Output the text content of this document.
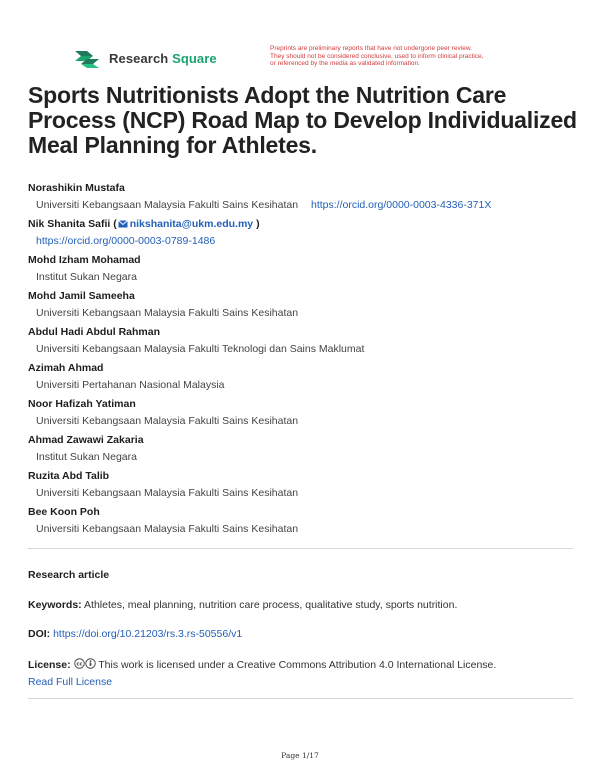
Research Square
Preprints are preliminary reports that have not undergone peer review.
They should not be considered conclusive, used to inform clinical practice,
or referenced by the media as validated information.
Sports Nutritionists Adopt the Nutrition Care Process (NCP) Road Map to Develop Individualized Meal Planning for Athletes.
Norashikin Mustafa
Universiti Kebangsaan Malaysia Fakulti Sains Kesihatan https://orcid.org/0000-0003-4336-371X
Nik Shanita Safii ( nikshanita@ukm.edu.my )
https://orcid.org/0000-0003-0789-1486
Mohd Izham Mohamad
Institut Sukan Negara
Mohd Jamil Sameeha
Universiti Kebangsaan Malaysia Fakulti Sains Kesihatan
Abdul Hadi Abdul Rahman
Universiti Kebangsaan Malaysia Fakulti Teknologi dan Sains Maklumat
Azimah Ahmad
Universiti Pertahanan Nasional Malaysia
Noor Hafizah Yatiman
Universiti Kebangsaan Malaysia Fakulti Sains Kesihatan
Ahmad Zawawi Zakaria
Institut Sukan Negara
Ruzita Abd Talib
Universiti Kebangsaan Malaysia Fakulti Sains Kesihatan
Bee Koon Poh
Universiti Kebangsaan Malaysia Fakulti Sains Kesihatan
Research article
Keywords: Athletes, meal planning, nutrition care process, qualitative study, sports nutrition.
DOI: https://doi.org/10.21203/rs.3.rs-50556/v1
License: cc This work is licensed under a Creative Commons Attribution 4.0 International License.
Read Full License
Page 1/17
